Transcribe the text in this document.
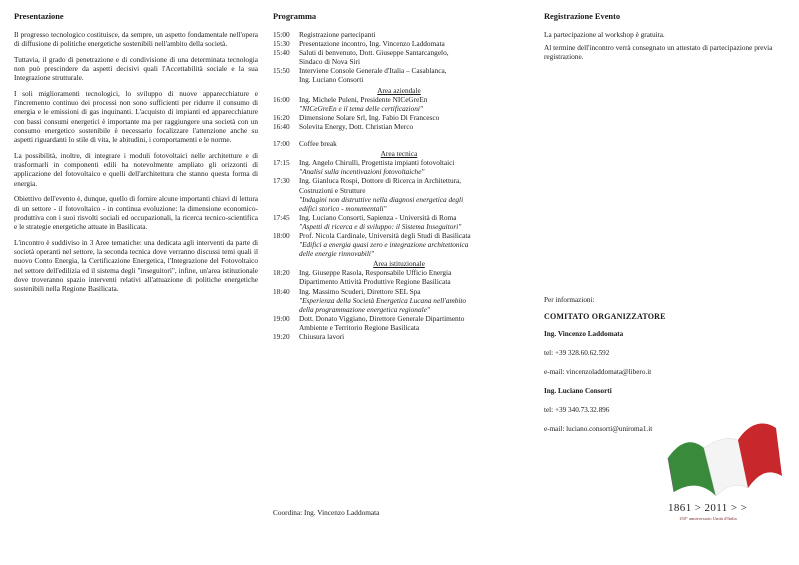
Presentazione

Il progresso tecnologico costituisce, da sempre, un aspetto fondamentale nell'opera di diffusione di politiche energetiche sostenibili nell'ambito della società.

Tuttavia, il grado di penetrazione e di condivisione di una determinata tecnologia non può prescindere da aspetti decisivi quali l'Accettabilità sociale e la sua Integrazione strutturale.

I soli miglioramenti tecnologici, lo sviluppo di nuove apparecchiature e l'incremento continuo dei processi non sono sufficienti per ridurre il consumo di energia e le emissioni di gas inquinanti. L'acquisto di impianti ed apparecchiature con bassi consumi energetici è importante ma per raggiungere una società con un consumo energetico sostenibile è necessario focalizzare l'attenzione anche su aspetti riguardanti lo stile di vita, le abitudini, i comportamenti e le norme.

La possibilità, inoltre, di integrare i moduli fotovoltaici nelle architetture e di trasformarli in componenti edili ha notevolmente ampliato gli orizzonti di applicazione del fotovoltaico e quelli dell'architettura che stanno questa forma di energia.

Obiettivo dell'evento è, dunque, quello di fornire alcune importanti chiavi di lettura di un settore - il fotovoltaico - in continua evoluzione: la dimensione economico-produttiva con i suoi risvolti sociali ed occupazionali, la ricerca tecnico-scientifica e le strategie energetiche attuate in Basilicata.

L'incontro è suddiviso in 3 Aree tematiche: una dedicata agli interventi da parte di società operanti nel settore, la seconda tecnica dove verranno discussi temi quali il nuovo Conto Energia, la Certificazione Energetica, l'Integrazione del Fotovoltaico nel settore dell'edilizia ed il sistema degli "inseguitori", infine, un'area istituzionale dove troveranno spazio interventi relativi all'attuazione di politiche energetiche sostenibili nella Regione Basilicata.

Programma
15:00	Registrazione partecipanti
15:30	Presentazione incontro, Ing. Vincenzo Laddomata
15:40	Saluti di benvenuto, Dott. Giuseppe Santarcangelo,
Sindaco di Nova Siri
15:50	Interviene Console Generale d'Italia – Casablanca,
Ing. Luciano Consorti
Area aziendale
16:00	Ing. Michele Puleni, Presidente NICeGreEn
"NICeGreEn e il tema delle certificazioni"
16:20	Dimensione Solare Srl, Ing. Fabio Di Francesco
16:40	Solevita Energy, Dott. Christian Merco
17:00	Coffee break
Area tecnica
17:15	Ing. Angelo Chirulli, Progettista impianti fotovoltaici
"Analisi sulla incentivazioni fotovoltaiche"
17:30	Ing. Gianluca Rospi, Dottore di Ricerca in Architettura,
Costruzioni e Strutture
"Indagini non distruttive nella diagnosi energetica degli
edifici storico - monumentali"
17:45	Ing. Luciano Consorti, Sapienza - Università di Roma
"Aspetti di ricerca e di sviluppo: il Sistema Inseguitori"
18:00	Prof. Nicola Cardinale, Università degli Studi di Basilicata
"Edifici a energia quasi zero e integrazione architettonica
delle energie rinnovabili"
Area istituzionale
18:20	Ing. Giuseppe Rasola, Responsabile Ufficio Energia
Dipartimento Attività Produttive Regione Basilicata
18:40	Ing. Massimo Scuderi, Direttore SEL Spa
"Esperienza della Società Energetica Lucana nell'ambito
della programmazione energetica regionale"
19:00	Dott. Donato Viggiano, Direttore Generale Dipartimento
Ambiente e Territorio Regione Basilicata
19:20	Chiusura lavori
Coordina: Ing. Vincenzo Laddomata
Registrazione Evento

La partecipazione al workshop è gratuita.

Al termine dell'incontro verrà consegnato un attestato di partecipazione previa registrazione.

Per informazioni:
COMITATO ORGANIZZATORE
Ing. Vincenzo Laddomata
tel: +39 328.60.62.592
e-mail: vincenzoladdomata@libero.it
Ing. Luciano Consorti
tel: +39 340.73.32.896
e-mail: luciano.consorti@uniroma1.it
1861 > 2011 > >
150° anniversario Unità d'Italia
